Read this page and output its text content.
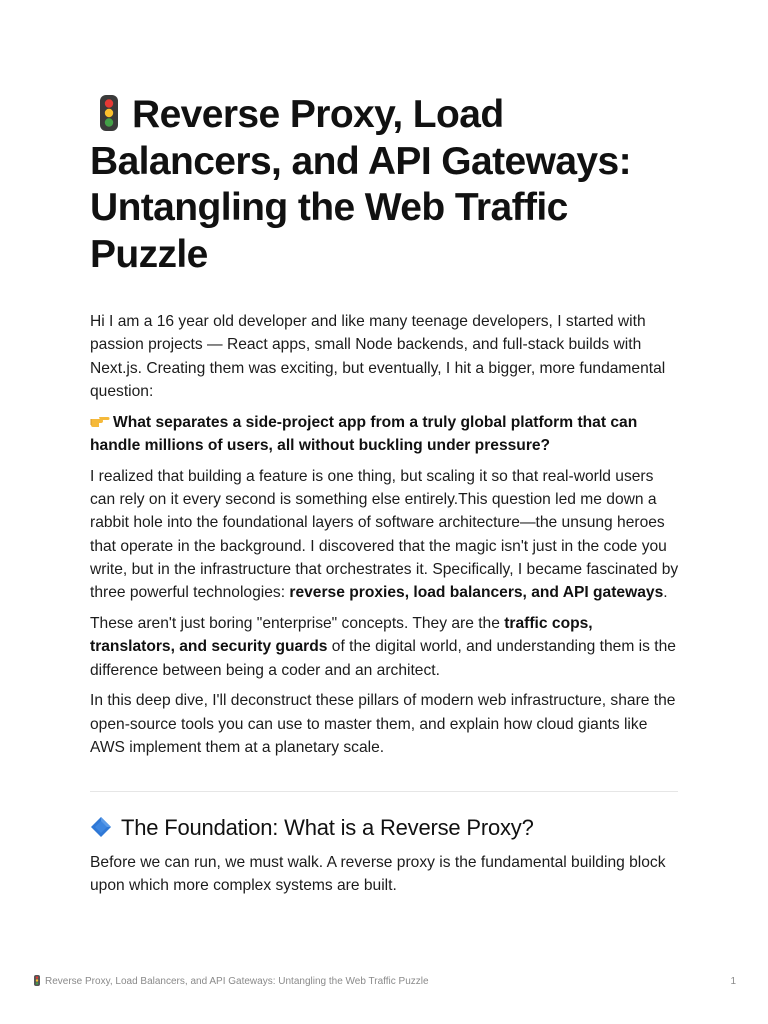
Reverse Proxy, Load Balancers, and API Gateways: Untangling the Web Traffic Puzzle

Hi I am a 16 year old developer and like many teenage developers, I started with passion projects — React apps, small Node backends, and full-stack builds with Next.js. Creating them was exciting, but eventually, I hit a bigger, more fundamental question:

What separates a side-project app from a truly global platform that can handle millions of users, all without buckling under pressure?

I realized that building a feature is one thing, but scaling it so that real-world users can rely on it every second is something else entirely.This question led me down a rabbit hole into the foundational layers of software architecture—the unsung heroes that operate in the background. I discovered that the magic isn't just in the code you write, but in the infrastructure that orchestrates it. Specifically, I became fascinated by three powerful technologies: reverse proxies, load balancers, and API gateways.

These aren't just boring "enterprise" concepts. They are the traffic cops, translators, and security guards of the digital world, and understanding them is the difference between being a coder and an architect.

In this deep dive, I'll deconstruct these pillars of modern web infrastructure, share the open-source tools you can use to master them, and explain how cloud giants like AWS implement them at a planetary scale.

The Foundation: What is a Reverse Proxy?

Before we can run, we must walk. A reverse proxy is the fundamental building block upon which more complex systems are built.

Reverse Proxy, Load Balancers, and API Gateways: Untangling the Web Traffic Puzzle	1
